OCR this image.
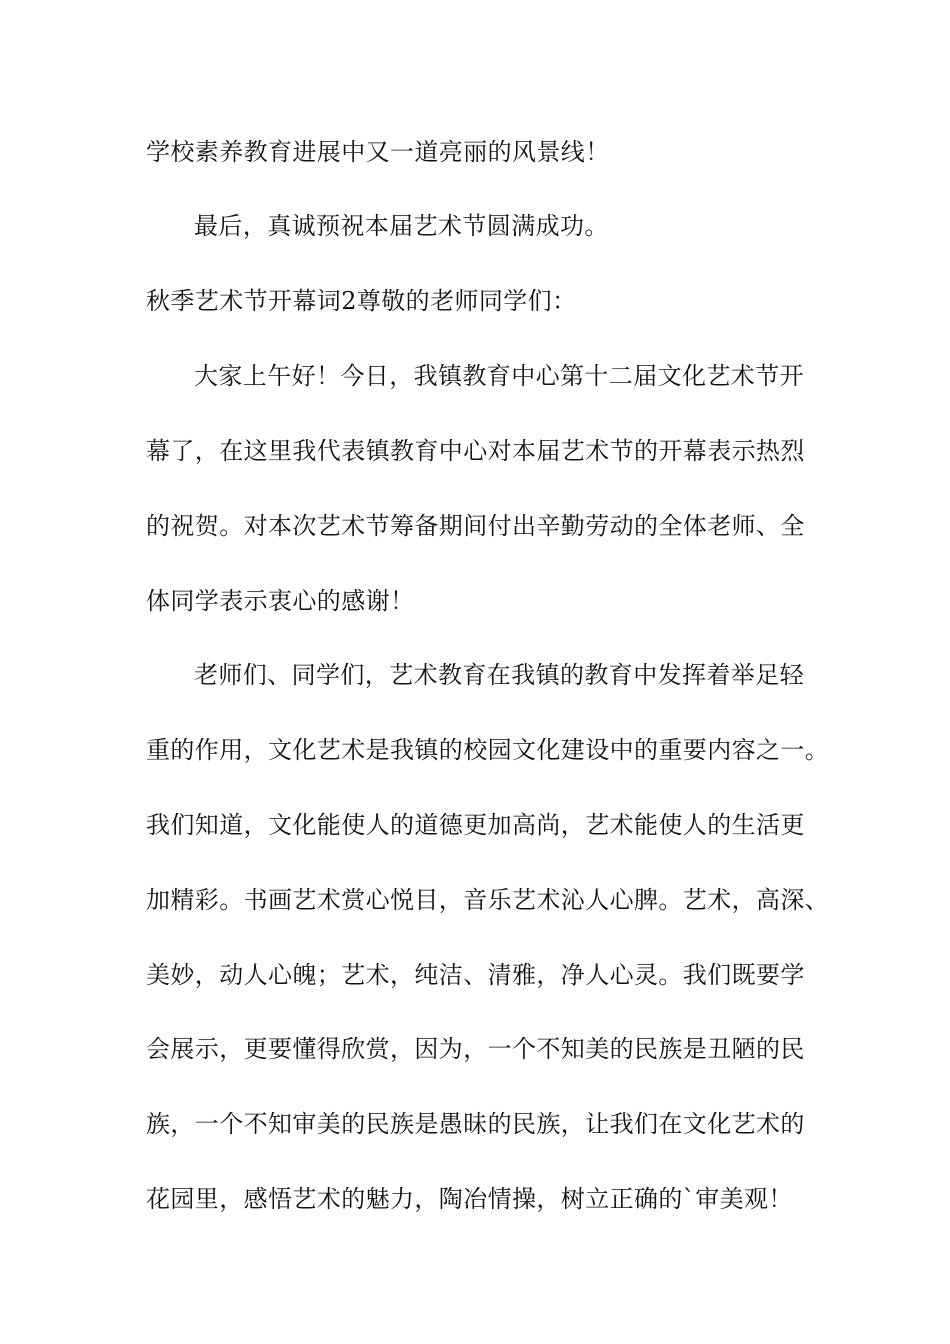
学校素养教育进展中又一道亮丽的风景线！
最后，真诚预祝本届艺术节圆满成功。
秋季艺术节开幕词2尊敬的老师同学们：
大家上午好！今日，我镇教育中心第十二届文化艺术节开
幕了，在这里我代表镇教育中心对本届艺术节的开幕表示热烈
的祝贺。对本次艺术节筹备期间付出辛勤劳动的全体老师、全
体同学表示衷心的感谢！
老师们、同学们，艺术教育在我镇的教育中发挥着举足轻
重的作用，文化艺术是我镇的校园文化建设中的重要内容之一。
我们知道，文化能使人的道德更加高尚，艺术能使人的生活更
加精彩。书画艺术赏心悦目，音乐艺术沁人心脾。艺术，高深、
美妙，动人心魄；艺术，纯洁、清雅，净人心灵。我们既要学
会展示，更要懂得欣赏，因为，一个不知美的民族是丑陋的民
族，一个不知审美的民族是愚昧的民族，让我们在文化艺术的
花园里，感悟艺术的魅力，陶冶情操，树立正确的`审美观！
